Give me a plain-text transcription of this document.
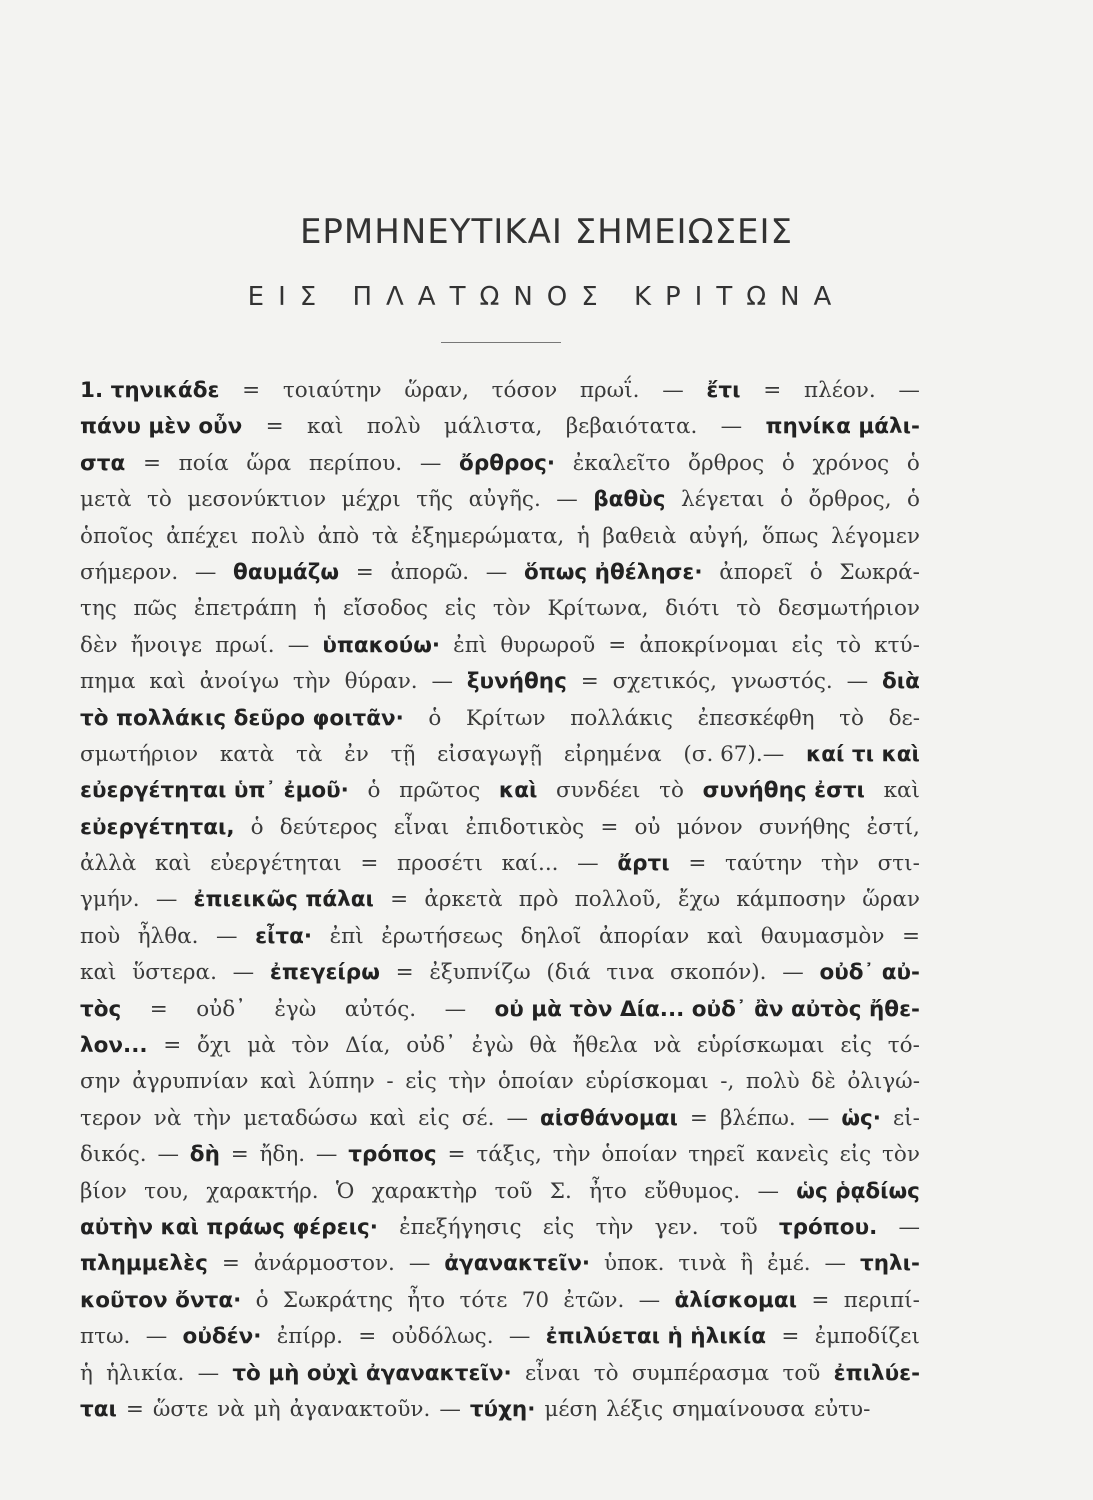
ΕΡΜΗΝΕΥΤΙΚΑΙ ΣΗΜΕΙΩΣΕΙΣ
ΕΙΣ ΠΛΑΤΩΝΟΣ ΚΡΙΤΩΝΑ
1. τηνικάδε = τοιαύτην ὥραν, τόσον πρωΐ. — ἔτι = πλέον. —
πάνυ μὲν οὖν = καὶ πολὺ μάλιστα, βεβαιότατα. — πηνίκα μάλι-
στα = ποία ὥρα περίπου. — ὄρθρος· ἐκαλεῖτο ὄρθρος ὁ χρόνος ὁ
μετὰ τὸ μεσονύκτιον μέχρι τῆς αὐγῆς. — βαθὺς λέγεται ὁ ὄρθρος, ὁ
ὁποῖος ἀπέχει πολὺ ἀπὸ τὰ ἐξημερώματα, ἡ βαθειὰ αὐγή, ὅπως λέγομεν
σήμερον. — θαυμάζω = ἀπορῶ. — ὅπως ἠθέλησε· ἀπορεῖ ὁ Σωκρά-
της πῶς ἐπετράπη ἡ εἴσοδος εἰς τὸν Κρίτωνα, διότι τὸ δεσμωτήριον
δὲν ἤνοιγε πρωί. — ὑπακούω· ἐπὶ θυρωροῦ = ἀποκρίνομαι εἰς τὸ κτύ-
πημα καὶ ἀνοίγω τὴν θύραν. — ξυνήθης = σχετικός, γνωστός. — διὰ
τὸ πολλάκις δεῦρο φοιτᾶν· ὁ Κρίτων πολλάκις ἐπεσκέφθη τὸ δε-
σμωτήριον κατὰ τὰ ἐν τῇ εἰσαγωγῇ εἰρημένα (σ. 67).— καί τι καὶ
εὐεργέτηται ὑπ᾽ ἐμοῦ· ὁ πρῶτος καὶ συνδέει τὸ συνήθης ἐστι καὶ
εὐεργέτηται, ὁ δεύτερος εἶναι ἐπιδοτικὸς = οὐ μόνον συνήθης ἐστί,
ἀλλὰ καὶ εὐεργέτηται = προσέτι καί... — ἄρτι = ταύτην τὴν στι-
γμήν. — ἐπιεικῶς πάλαι = ἀρκετὰ πρὸ πολλοῦ, ἔχω κάμποσην ὥραν
ποὺ ἦλθα. — εἶτα· ἐπὶ ἐρωτήσεως δηλοῖ ἀπορίαν καὶ θαυμασμὸν =
καὶ ὕστερα. — ἐπεγείρω = ἐξυπνίζω (διά τινα σκοπόν). — οὐδ᾽ αὐ-
τὸς = οὐδ᾽ ἐγὼ αὐτός. — οὐ μὰ τὸν Δία... οὐδ᾽ ἂν αὐτὸς ἤθε-
λον... = ὄχι μὰ τὸν Δία, οὐδ᾽ ἐγὼ θὰ ἤθελα νὰ εὑρίσκωμαι εἰς τό-
σην ἀγρυπνίαν καὶ λύπην - εἰς τὴν ὁποίαν εὑρίσκομαι -, πολὺ δὲ ὀλιγώ-
τερον νὰ τὴν μεταδώσω καὶ εἰς σέ. — αἰσθάνομαι = βλέπω. — ὡς· εἰ-
δικός. — δὴ = ἤδη. — τρόπος = τάξις, τὴν ὁποίαν τηρεῖ κανεὶς εἰς τὸν
βίον του, χαρακτήρ. Ὁ χαρακτὴρ τοῦ Σ. ἦτο εὔθυμος. — ὡς ῥᾳδίως
αὐτὴν καὶ πράως φέρεις· ἐπεξήγησις εἰς τὴν γεν. τοῦ τρόπου. —
πλημμελὲς = ἀνάρμοστον. — ἀγανακτεῖν· ὑποκ. τινὰ ἢ ἐμέ. — τηλι-
κοῦτον ὄντα· ὁ Σωκράτης ἦτο τότε 70 ἐτῶν. — ἁλίσκομαι = περιπί-
πτω. — οὐδέν· ἐπίρρ. = οὐδόλως. — ἐπιλύεται ἡ ἡλικία = ἐμποδίζει
ἡ ἡλικία. — τὸ μὴ οὐχὶ ἀγανακτεῖν· εἶναι τὸ συμπέρασμα τοῦ ἐπιλύε-
ται = ὥστε νὰ μὴ ἀγανακτοῦν. — τύχη· μέση λέξις σημαίνουσα εὐτυ-
